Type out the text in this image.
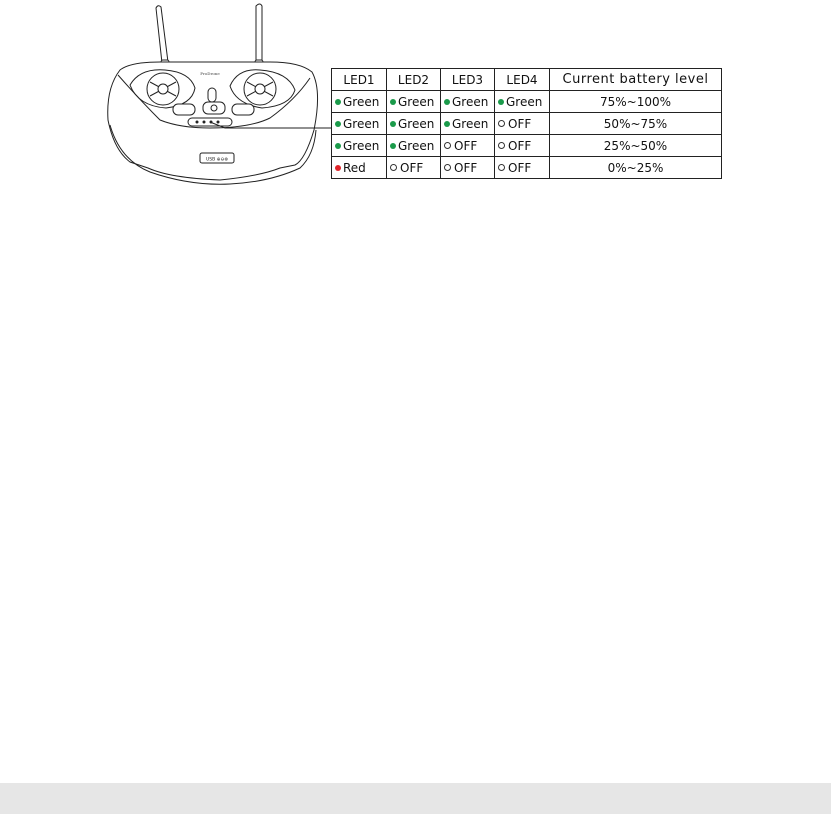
ProDrone
USB ⊕⊖⊗
LED1	LED2	LED3	LED4	Current battery level
Green	Green	Green	Green	75%~100%
Green	Green	Green	OFF	50%~75%
Green	Green	OFF	OFF	25%~50%
Red	OFF	OFF	OFF	0%~25%
